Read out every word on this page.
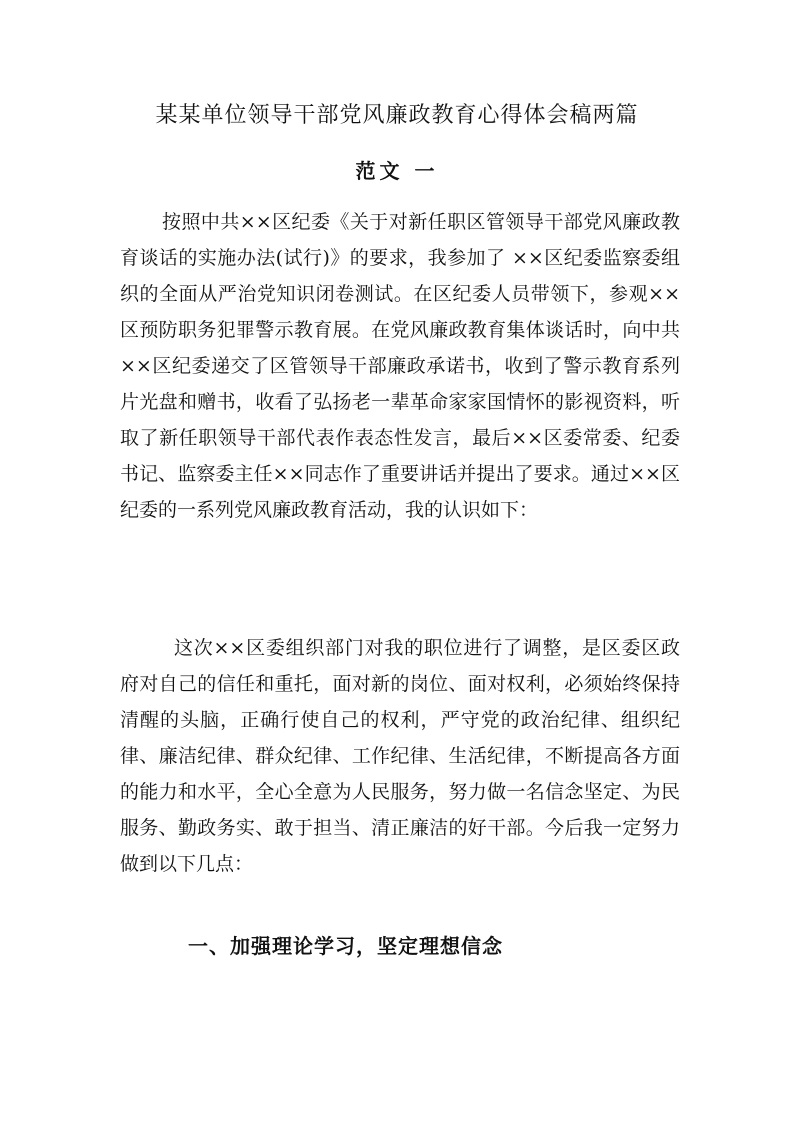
某某单位领导干部党风廉政教育心得体会稿两篇
范文 一

按照中共××区纪委《关于对新任职区管领导干部党风廉政教育谈话的实施办法(试行)》的要求，我参加了 ××区纪委监察委组织的全面从严治党知识闭卷测试。在区纪委人员带领下，参观××区预防职务犯罪警示教育展。在党风廉政教育集体谈话时，向中共××区纪委递交了区管领导干部廉政承诺书，收到了警示教育系列片光盘和赠书，收看了弘扬老一辈革命家家国情怀的影视资料，听取了新任职领导干部代表作表态性发言，最后××区委常委、纪委书记、监察委主任××同志作了重要讲话并提出了要求。通过××区纪委的一系列党风廉政教育活动，我的认识如下：

这次××区委组织部门对我的职位进行了调整，是区委区政府对自己的信任和重托，面对新的岗位、面对权利，必须始终保持清醒的头脑，正确行使自己的权利，严守党的政治纪律、组织纪律、廉洁纪律、群众纪律、工作纪律、生活纪律，不断提高各方面的能力和水平，全心全意为人民服务，努力做一名信念坚定、为民服务、勤政务实、敢于担当、清正廉洁的好干部。今后我一定努力做到以下几点：

一、加强理论学习，坚定理想信念
